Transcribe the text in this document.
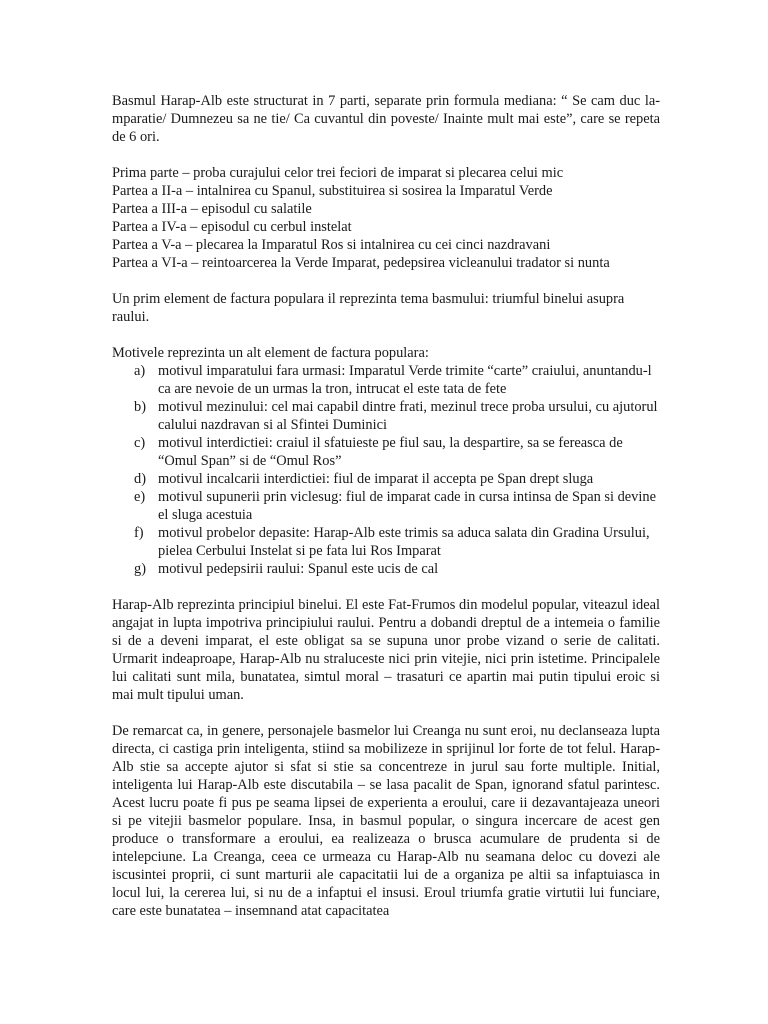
Basmul Harap-Alb este structurat in 7 parti, separate prin formula mediana: “ Se cam duc la-mparatie/ Dumnezeu sa ne tie/ Ca cuvantul din poveste/ Inainte mult mai este”, care se repeta de 6 ori.

Prima parte – proba curajului celor trei feciori de imparat si plecarea celui mic

Partea a II-a – intalnirea cu Spanul, substituirea si sosirea la Imparatul Verde

Partea a III-a – episodul cu salatile

Partea a IV-a – episodul cu cerbul instelat

Partea a V-a – plecarea la Imparatul Ros si intalnirea cu cei cinci nazdravani

Partea a VI-a – reintoarcerea la Verde Imparat, pedepsirea vicleanului tradator si nunta

Un prim element de factura populara il reprezinta tema basmului: triumful binelui asupra raului.

Motivele reprezinta un alt element de factura populara:

a) motivul imparatului fara urmasi: Imparatul Verde trimite “carte” craiului, anuntandu-l ca are nevoie de un urmas la tron, intrucat el este tata de fete
b) motivul mezinului: cel mai capabil dintre frati, mezinul trece proba ursului, cu ajutorul calului nazdravan si al Sfintei Duminici
c) motivul interdictiei: craiul il sfatuieste pe fiul sau, la despartire, sa se fereasca de “Omul Span” si de “Omul Ros”
d) motivul incalcarii interdictiei: fiul de imparat il accepta pe Span drept sluga
e) motivul supunerii prin viclesug: fiul de imparat cade in cursa intinsa de Span si devine el sluga acestuia
f) motivul probelor depasite: Harap-Alb este trimis sa aduca salata din Gradina Ursului, pielea Cerbului Instelat si pe fata lui Ros Imparat
g) motivul pedepsirii raului: Spanul este ucis de cal

Harap-Alb reprezinta principiul binelui. El este Fat-Frumos din modelul popular, viteazul ideal angajat in lupta impotriva principiului raului. Pentru a dobandi dreptul de a intemeia o familie si de a deveni imparat, el este obligat sa se supuna unor probe vizand o serie de calitati. Urmarit indeaproape, Harap-Alb nu straluceste nici prin vitejie, nici prin istetime. Principalele lui calitati sunt mila, bunatatea, simtul moral – trasaturi ce apartin mai putin tipului eroic si mai mult tipului uman.

De remarcat ca, in genere, personajele basmelor lui Creanga nu sunt eroi, nu declanseaza lupta directa, ci castiga prin inteligenta, stiind sa mobilizeze in sprijinul lor forte de tot felul. Harap-Alb stie sa accepte ajutor si sfat si stie sa concentreze in jurul sau forte multiple. Initial, inteligenta lui Harap-Alb este discutabila – se lasa pacalit de Span, ignorand sfatul parintesc. Acest lucru poate fi pus pe seama lipsei de experienta a eroului, care ii dezavantajeaza uneori si pe vitejii basmelor populare. Insa, in basmul popular, o singura incercare de acest gen produce o transformare a eroului, ea realizeaza o brusca acumulare de prudenta si de intelepciune. La Creanga, ceea ce urmeaza cu Harap-Alb nu seamana deloc cu dovezi ale iscusintei proprii, ci sunt marturii ale capacitatii lui de a organiza pe altii sa infaptuiasca in locul lui, la cererea lui, si nu de a infaptui el insusi. Eroul triumfa gratie virtutii lui funciare, care este bunatatea – insemnand atat capacitatea
